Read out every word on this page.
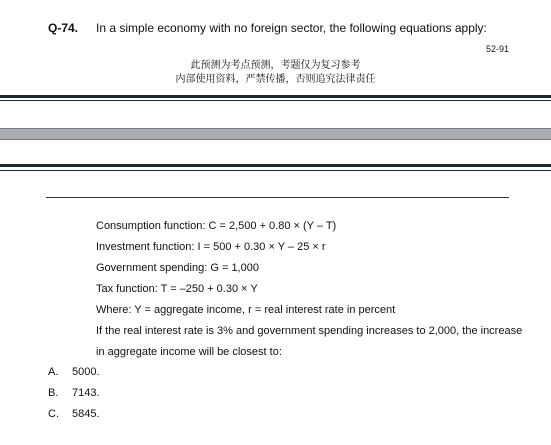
Q-74. In a simple economy with no foreign sector, the following equations apply:
52-91
此预测为考点预测，考题仅为复习参考
内部使用资料，严禁传播，否则追究法律责任
Consumption function: C = 2,500 + 0.80 × (Y – T)
Investment function: I = 500 + 0.30 × Y – 25 × r
Government spending: G = 1,000
Tax function: T = –250 + 0.30 × Y
Where: Y = aggregate income, r = real interest rate in percent
If the real interest rate is 3% and government spending increases to 2,000, the increase
in aggregate income will be closest to:
A. 5000.
B. 7143.
C. 5845.
